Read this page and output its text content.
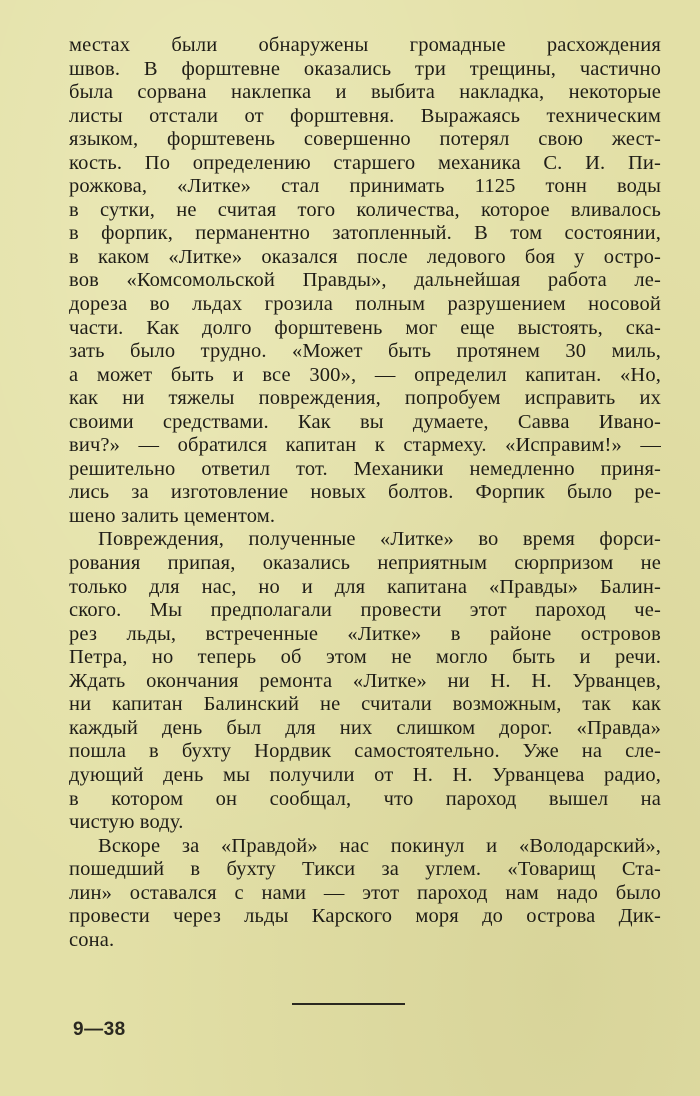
местах были обнаружены громадные расхождения
швов. В форштевне оказались три трещины, частично
была сорвана наклепка и выбита накладка, некоторые
листы отстали от форштевня. Выражаясь техническим
языком, форштевень совершенно потерял свою жест-
кость. По определению старшего механика С. И. Пи-
рожкова, «Литке» стал принимать 1125 тонн воды
в сутки, не считая того количества, которое вливалось
в форпик, перманентно затопленный. В том состоянии,
в каком «Литке» оказался после ледового боя у остро-
вов «Комсомольской Правды», дальнейшая работа ле-
дореза во льдах грозила полным разрушением носовой
части. Как долго форштевень мог еще выстоять, ска-
зать было трудно. «Может быть протянем 30 миль,
а может быть и все 300», — определил капитан. «Но,
как ни тяжелы повреждения, попробуем исправить их
своими средствами. Как вы думаете, Савва Ивано-
вич?» — обратился капитан к стармеху. «Исправим!» —
решительно ответил тот. Механики немедленно приня-
лись за изготовление новых болтов. Форпик было ре-
шено залить цементом.
Повреждения, полученные «Литке» во время форси-
рования припая, оказались неприятным сюрпризом не
только для нас, но и для капитана «Правды» Балин-
ского. Мы предполагали провести этот пароход че-
рез льды, встреченные «Литке» в районе островов
Петра, но теперь об этом не могло быть и речи.
Ждать окончания ремонта «Литке» ни Н. Н. Урванцев,
ни капитан Балинский не считали возможным, так как
каждый день был для них слишком дорог. «Правда»
пошла в бухту Нордвик самостоятельно. Уже на сле-
дующий день мы получили от Н. Н. Урванцева радио,
в котором он сообщал, что пароход вышел на
чистую воду.
Вскоре за «Правдой» нас покинул и «Володарский»,
пошедший в бухту Тикси за углем. «Товарищ Ста-
лин» оставался с нами — этот пароход нам надо было
провести через льды Карского моря до острова Дик-
сона.
9—38
